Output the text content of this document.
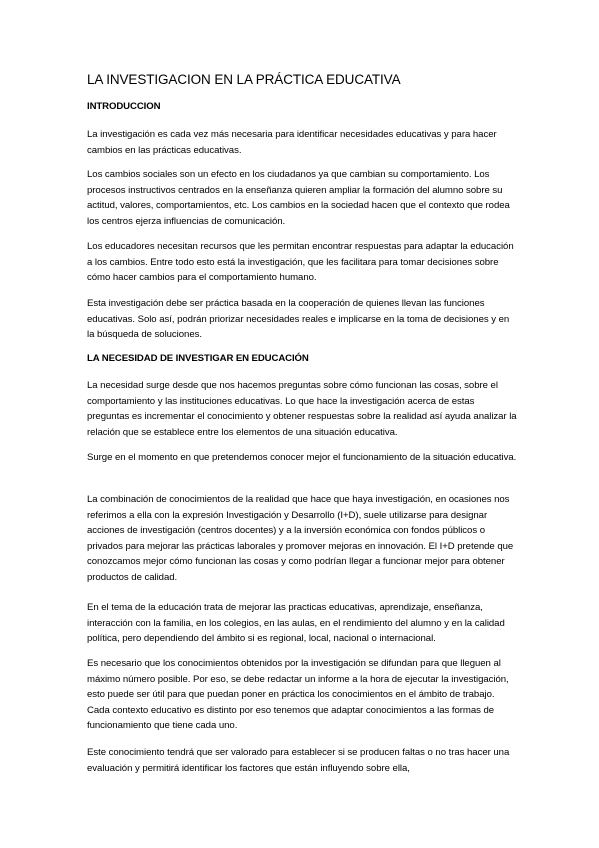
LA INVESTIGACION EN LA PRÁCTICA EDUCATIVA
INTRODUCCION

La investigación es cada vez más necesaria para identificar necesidades educativas y para hacer cambios en las prácticas educativas.

Los cambios sociales son un efecto en los ciudadanos ya que cambian su comportamiento. Los procesos instructivos centrados en la enseñanza quieren ampliar la formación del alumno sobre su actitud, valores, comportamientos, etc. Los cambios en la sociedad hacen que el contexto que rodea los centros ejerza influencias de comunicación.

Los educadores necesitan recursos que les permitan encontrar respuestas para adaptar la educación a los cambios. Entre todo esto está la investigación, que les facilitara para tomar decisiones sobre cómo hacer cambios para el comportamiento humano.

Esta investigación debe ser práctica basada en la cooperación de quienes llevan las funciones educativas. Solo así, podrán priorizar necesidades reales e implicarse en la toma de decisiones y en la búsqueda de soluciones.

LA NECESIDAD DE INVESTIGAR EN EDUCACIÓN

La necesidad surge desde que nos hacemos preguntas sobre cómo funcionan las cosas, sobre el comportamiento y las instituciones educativas. Lo que hace la investigación acerca de estas preguntas es incrementar el conocimiento y obtener respuestas sobre la realidad así ayuda analizar la relación que se establece entre los elementos de una situación educativa.

Surge en el momento en que pretendemos conocer mejor el funcionamiento de la situación educativa.

La combinación de conocimientos de la realidad que hace que haya investigación, en ocasiones nos referimos a ella con la expresión Investigación y Desarrollo (I+D), suele utilizarse para designar acciones de investigación (centros docentes) y a la inversión económica con fondos públicos o privados para mejorar las prácticas laborales y promover mejoras en innovación. El I+D pretende que conozcamos mejor cómo funcionan las cosas y como podrían llegar a funcionar mejor para obtener productos de calidad.

En el tema de la educación trata de mejorar las practicas educativas, aprendizaje, enseñanza, interacción con la familia, en los colegios, en las aulas, en el rendimiento del alumno y en la calidad política, pero dependiendo del ámbito si es regional, local, nacional o internacional.

Es necesario que los conocimientos obtenidos por la investigación se difundan para que lleguen al máximo número posible. Por eso, se debe redactar un informe a la hora de ejecutar la investigación, esto puede ser útil para que puedan poner en práctica los conocimientos en el ámbito de trabajo. Cada contexto educativo es distinto por eso tenemos que adaptar conocimientos a las formas de funcionamiento que tiene cada uno.

Este conocimiento tendrá que ser valorado para establecer si se producen faltas o no tras hacer una evaluación y permitirá identificar los factores que están influyendo sobre ella,
